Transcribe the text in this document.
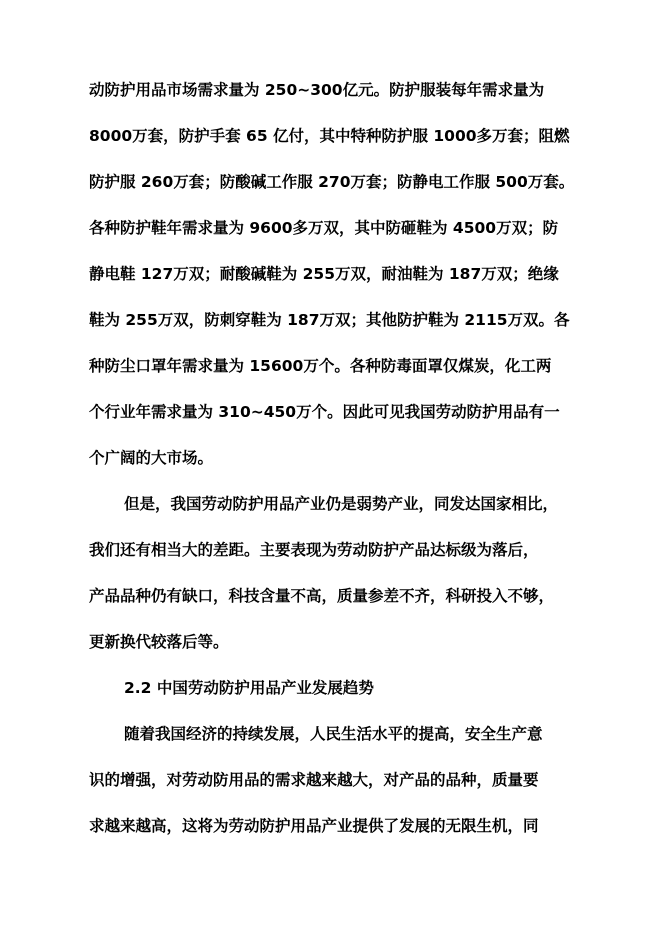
动防护用品市场需求量为 250~300亿元。防护服装每年需求量为
8000万套，防护手套 65 亿付，其中特种防护服 1000多万套；阻燃
防护服 260万套；防酸碱工作服 270万套；防静电工作服 500万套。
各种防护鞋年需求量为 9600多万双，其中防砸鞋为 4500万双；防
静电鞋 127万双；耐酸碱鞋为 255万双，耐油鞋为 187万双；绝缘
鞋为 255万双，防刺穿鞋为 187万双；其他防护鞋为 2115万双。各
种防尘口罩年需求量为 15600万个。各种防毒面罩仅煤炭，化工两
个行业年需求量为 310~450万个。因此可见我国劳动防护用品有一
个广阔的大市场。
但是，我国劳动防护用品产业仍是弱势产业，同发达国家相比，
我们还有相当大的差距。主要表现为劳动防护产品达标级为落后，
产品品种仍有缺口，科技含量不高，质量参差不齐，科研投入不够，
更新换代较落后等。
2.2 中国劳动防护用品产业发展趋势
随着我国经济的持续发展，人民生活水平的提高，安全生产意
识的增强，对劳动防用品的需求越来越大，对产品的品种，质量要
求越来越高，这将为劳动防护用品产业提供了发展的无限生机，同
